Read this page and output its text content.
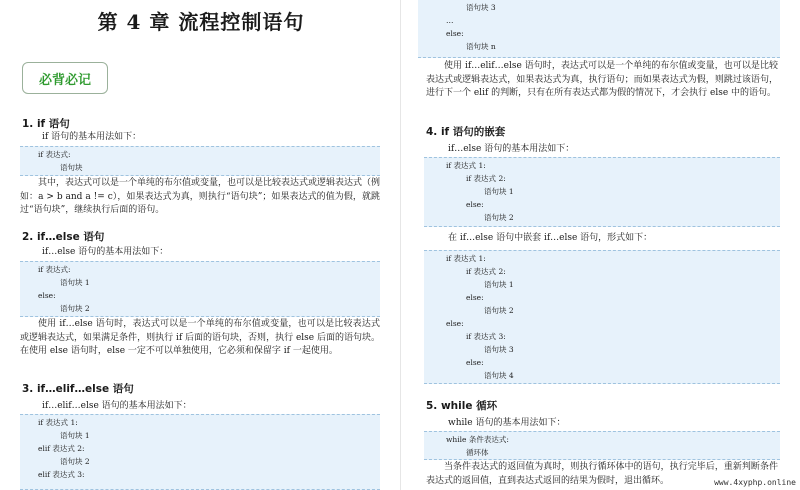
第 4 章 流程控制语句
必背必记
1. if 语句
if 语句的基本用法如下：
if 表达式:
语句块

其中，表达式可以是一个单纯的布尔值或变量，也可以是比较表达式或逻辑表达式（例如：a > b and a != c），如果表达式为真，则执行“语句块”；如果表达式的值为假，就跳过“语句块”，继续执行后面的语句。

2. if…else 语句
if…else 语句的基本用法如下：
if 表达式:
语句块 1
else:
语句块 2

使用 if…else 语句时，表达式可以是一个单纯的布尔值或变量，也可以是比较表达式或逻辑表达式，如果满足条件，则执行 if 后面的语句块，否则，执行 else 后面的语句块。在使用 else 语句时，else 一定不可以单独使用，它必须和保留字 if 一起使用。

3. if…elif…else 语句
if…elif…else 语句的基本用法如下：
if 表达式 1:
语句块 1
elif 表达式 2:
语句块 2
elif 表达式 3:
语句块 3
…
else:
语句块 n

使用 if…elif…else 语句时，表达式可以是一个单纯的布尔值或变量，也可以是比较表达式或逻辑表达式，如果表达式为真，执行语句；而如果表达式为假，则跳过该语句，进行下一个 elif 的判断，只有在所有表达式都为假的情况下，才会执行 else 中的语句。

4. if 语句的嵌套
if…else 语句的基本用法如下：
if 表达式 1:
if 表达式 2:
语句块 1
else:
语句块 2
在 if…else 语句中嵌套 if…else 语句，形式如下：
if 表达式 1:
if 表达式 2:
语句块 1
else:
语句块 2
else:
if 表达式 3:
语句块 3
else:
语句块 4
5. while 循环
while 语句的基本用法如下：
while 条件表达式:
循环体

当条件表达式的返回值为真时，则执行循环体中的语句，执行完毕后，重新判断条件表达式的返回值，直到表达式返回的结果为假时，退出循环。	www.4xyphp.online
